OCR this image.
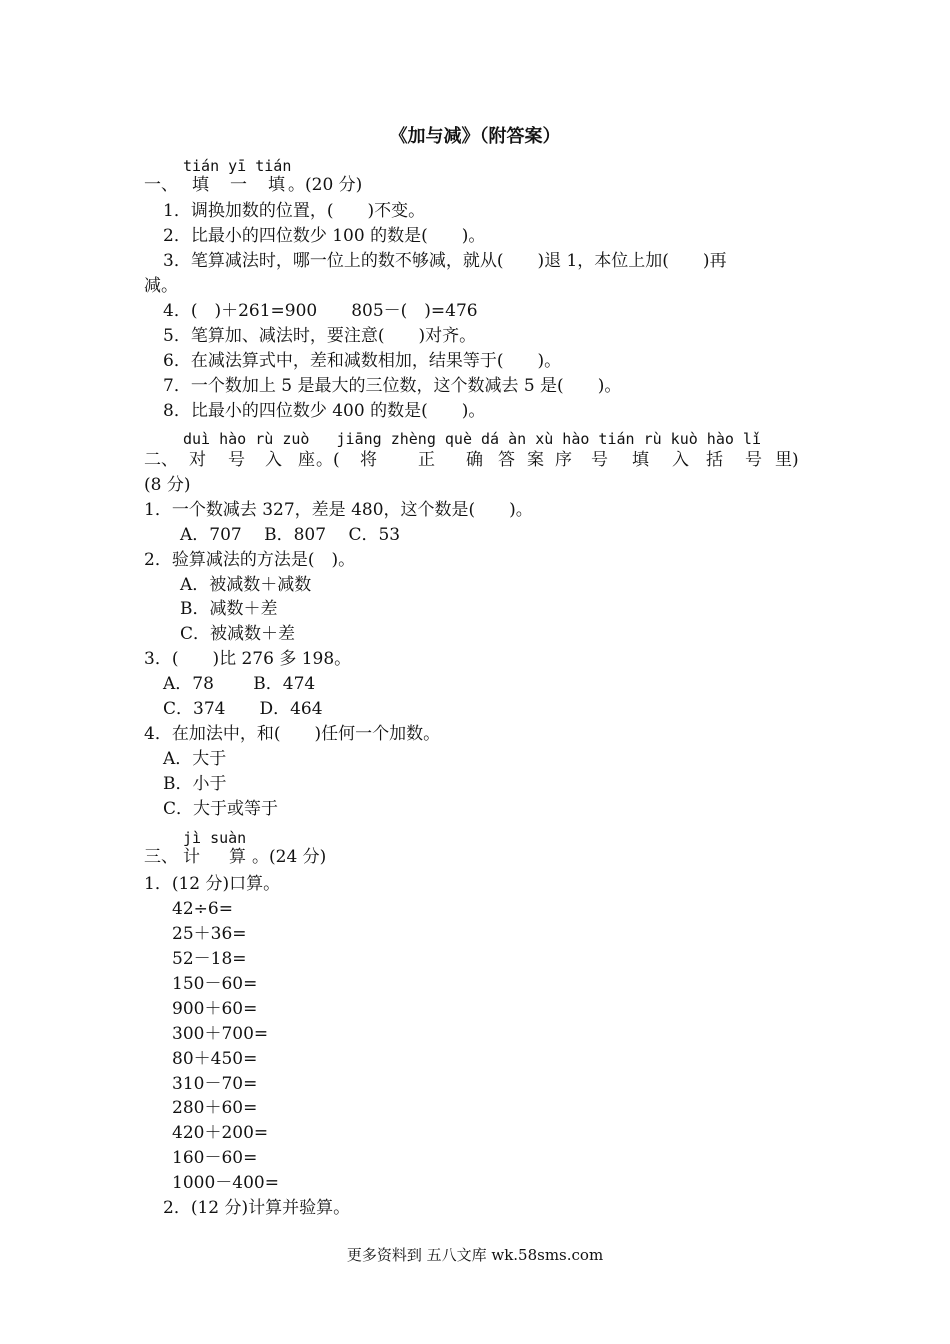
《加与减》（附答案）
tián yī tián
一、 填 一 填 。(20 分)
1．调换加数的位置，(　　)不变。
2．比最小的四位数少 100 的数是(　　)。
3．笔算减法时，哪一位上的数不够减，就从(　　)退 1，本位上加(　　)再
减。
4．(　)＋261=900　　805－(　)=476
5．笔算加、减法时，要注意(　　)对齐。
6．在减法算式中，差和减数相加，结果等于(　　)。
7．一个数加上 5 是最大的三位数，这个数减去 5 是(　　)。
8．比最小的四位数少 400 的数是(　　)。
duì hào rù zuò   jiāng zhèng què dá àn xù hào tián rù kuò hào lǐ
二、 对 号 入 座 。( 将 正 确 答 案 序 号 填 入 括 号 里)
(8 分)
1．一个数减去 327，差是 480，这个数是(　　)。
　A．707　 B．807　 C．53
2．验算减法的方法是(　)。
　A．被减数＋减数
　B．减数＋差
　C．被减数＋差
3．(　　)比 276 多 198。
A．78　　 B．474
C．374　　D．464
4．在加法中，和(　　)任何一个加数。
A．大于
B．小于
C．大于或等于
jì suàn
三、 计 算 。(24 分)
1．(12 分)口算。
42÷6=
25＋36=
52－18=
150－60=
900＋60=
300＋700=
80＋450=
310－70=
280＋60=
420＋200=
160－60=
1000－400=
2．(12 分)计算并验算。
更多资料到 五八文库 wk.58sms.com
